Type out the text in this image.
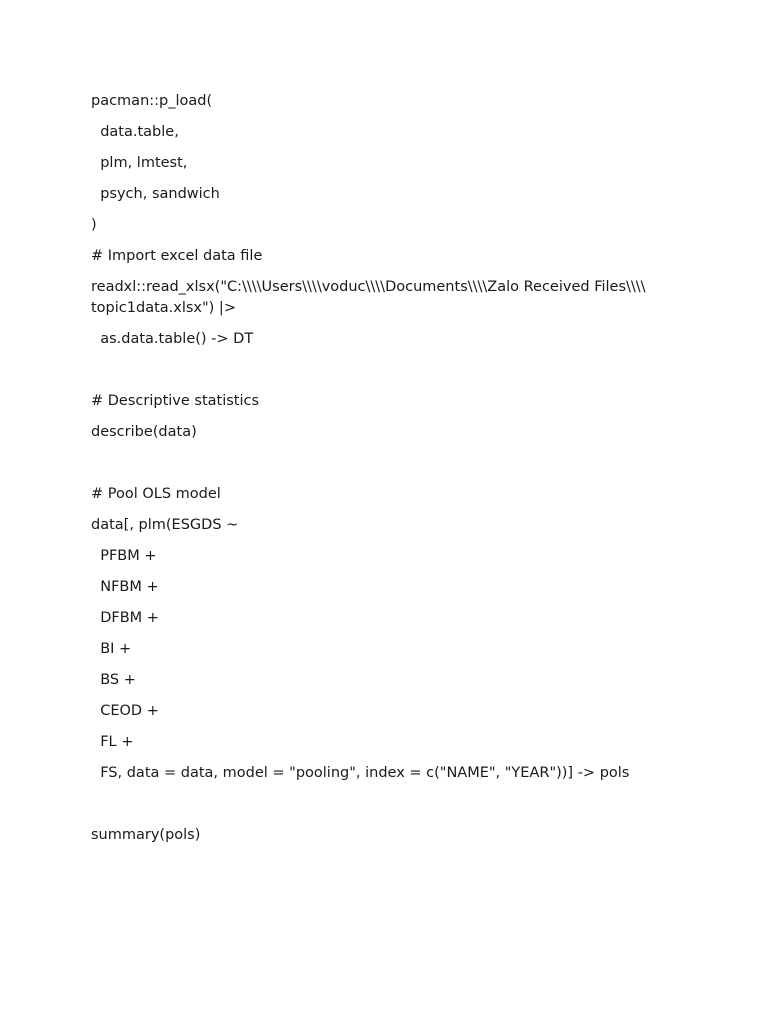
pacman::p_load(
data.table,
plm, lmtest,
psych, sandwich
)
# Import excel data file
readxl::read_xlsx("C:\\\\Users\\\\voduc\\\\Documents\\\\Zalo Received Files\\\\
topic1data.xlsx") |>
as.data.table() -> DT
# Descriptive statistics
describe(data)
# Pool OLS model
data[, plm(ESGDS ~
PFBM +
NFBM +
DFBM +
BI +
BS +
CEOD +
FL +
FS, data = data, model = "pooling", index = c("NAME", "YEAR"))] -> pols
summary(pols)
